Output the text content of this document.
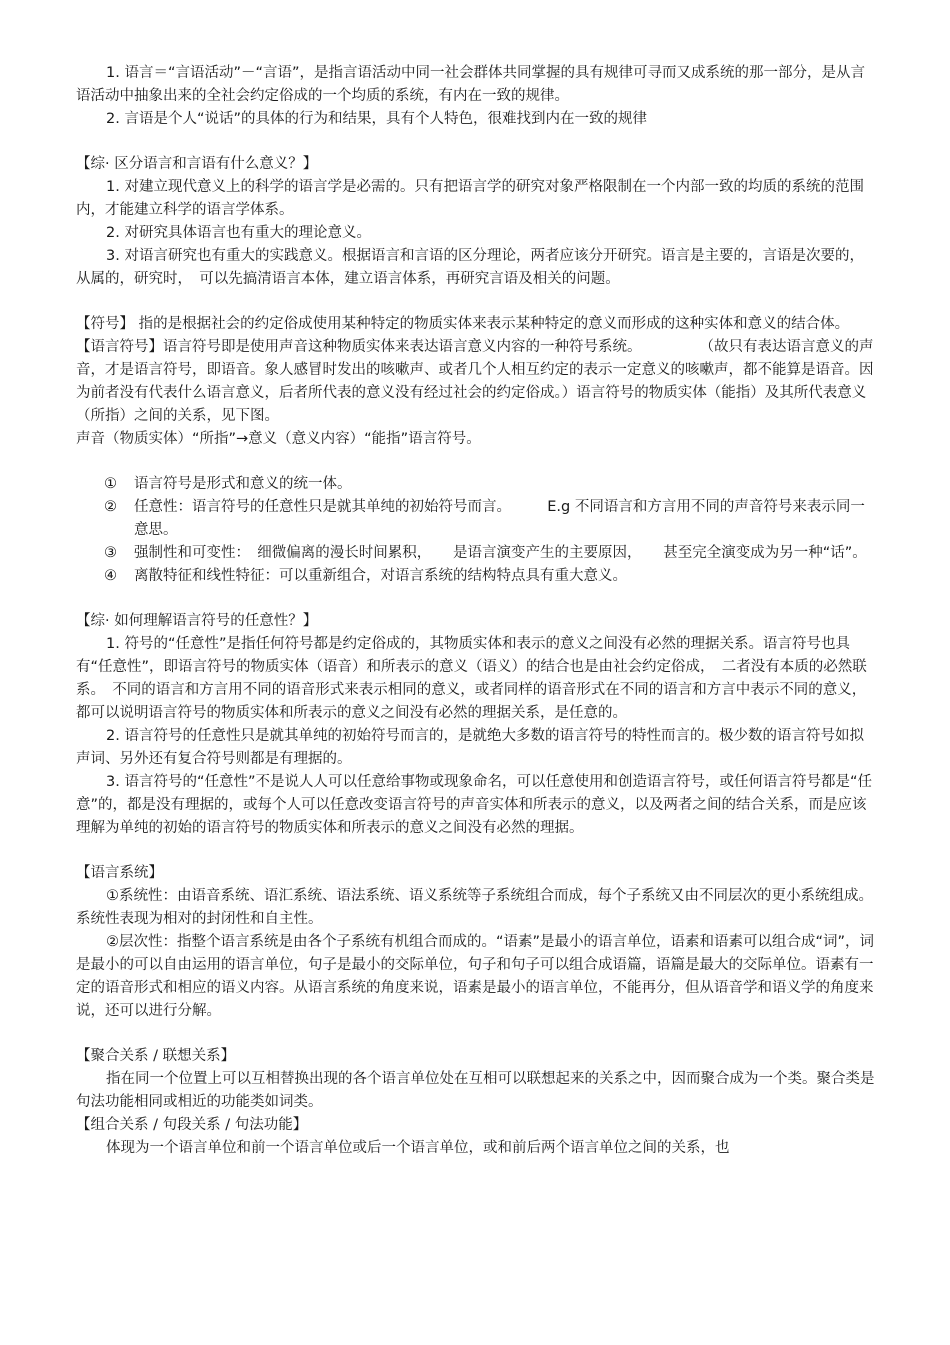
1. 语言＝“言语活动”－“言语”，是指言语活动中同一社会群体共同掌握的具有规律可寻而又成系统的那一部分，是从言语活动中抽象出来的全社会约定俗成的一个均质的系统，有内在一致的规律。

2. 言语是个人“说话”的具体的行为和结果，具有个人特色，很难找到内在一致的规律

【综· 区分语言和言语有什么意义？】

1. 对建立现代意义上的科学的语言学是必需的。只有把语言学的研究对象严格限制在一个内部一致的均质的系统的范围内，才能建立科学的语言学体系。

2. 对研究具体语言也有重大的理论意义。

3. 对语言研究也有重大的实践意义。根据语言和言语的区分理论，两者应该分开研究。语言是主要的，言语是次要的，　从属的，研究时，　可以先搞清语言本体，建立语言体系，再研究言语及相关的问题。

【符号】 指的是根据社会的约定俗成使用某种特定的物质实体来表示某种特定的意义而形成的这种实体和意义的结合体。

【语言符号】语言符号即是使用声音这种物质实体来表达语言意义内容的一种符号系统。　　　　　（故只有表达语言意义的声音，才是语言符号，即语音。象人感冒时发出的咳嗽声、或者几个人相互约定的表示一定意义的咳嗽声，都不能算是语音。因为前者没有代表什么语言意义，后者所代表的意义没有经过社会的约定俗成。）语言符号的物质实体（能指）及其所代表意义（所指）之间的关系，见下图。

声音（物质实体）“所指”→意义（意义内容）“能指”语言符号。

① 语言符号是形式和意义的统一体。
② 任意性：语言符号的任意性只是就其单纯的初始符号而言。　　　E.g 不同语言和方言用不同的声音符号来表示同一意思。
③ 强制性和可变性：　细微偏离的漫长时间累积，　　是语言演变产生的主要原因，　　甚至完全演变成为另一种“话”。
④ 离散特征和线性特征：可以重新组合，对语言系统的结构特点具有重大意义。

【综· 如何理解语言符号的任意性？】

1. 符号的“任意性”是指任何符号都是约定俗成的，其物质实体和表示的意义之间没有必然的理据关系。语言符号也具有“任意性”，即语言符号的物质实体（语音）和所表示的意义（语义）的结合也是由社会约定俗成，　二者没有本质的必然联系。　不同的语言和方言用不同的语音形式来表示相同的意义，或者同样的语音形式在不同的语言和方言中表示不同的意义，　　　都可以说明语言符号的物质实体和所表示的意义之间没有必然的理据关系，是任意的。

2. 语言符号的任意性只是就其单纯的初始符号而言的，是就绝大多数的语言符号的特性而言的。极少数的语言符号如拟声词、另外还有复合符号则都是有理据的。

3. 语言符号的“任意性”不是说人人可以任意给事物或现象命名，可以任意使用和创造语言符号，或任何语言符号都是“任意”的，都是没有理据的，或每个人可以任意改变语言符号的声音实体和所表示的意义，以及两者之间的结合关系，而是应该理解为单纯的初始的语言符号的物质实体和所表示的意义之间没有必然的理据。

【语言系统】

①系统性：由语音系统、语汇系统、语法系统、语义系统等子系统组合而成，每个子系统又由不同层次的更小系统组成。系统性表现为相对的封闭性和自主性。

②层次性：指整个语言系统是由各个子系统有机组合而成的。“语素”是最小的语言单位，语素和语素可以组合成“词”，词是最小的可以自由运用的语言单位，句子是最小的交际单位，句子和句子可以组合成语篇，语篇是最大的交际单位。语素有一定的语音形式和相应的语义内容。从语言系统的角度来说，语素是最小的语言单位，不能再分，但从语音学和语义学的角度来说，还可以进行分解。

【聚合关系 / 联想关系】

指在同一个位置上可以互相替换出现的各个语言单位处在互相可以联想起来的关系之中，因而聚合成为一个类。聚合类是句法功能相同或相近的功能类如词类。

【组合关系 / 句段关系 / 句法功能】

体现为一个语言单位和前一个语言单位或后一个语言单位，或和前后两个语言单位之间的关系，也
